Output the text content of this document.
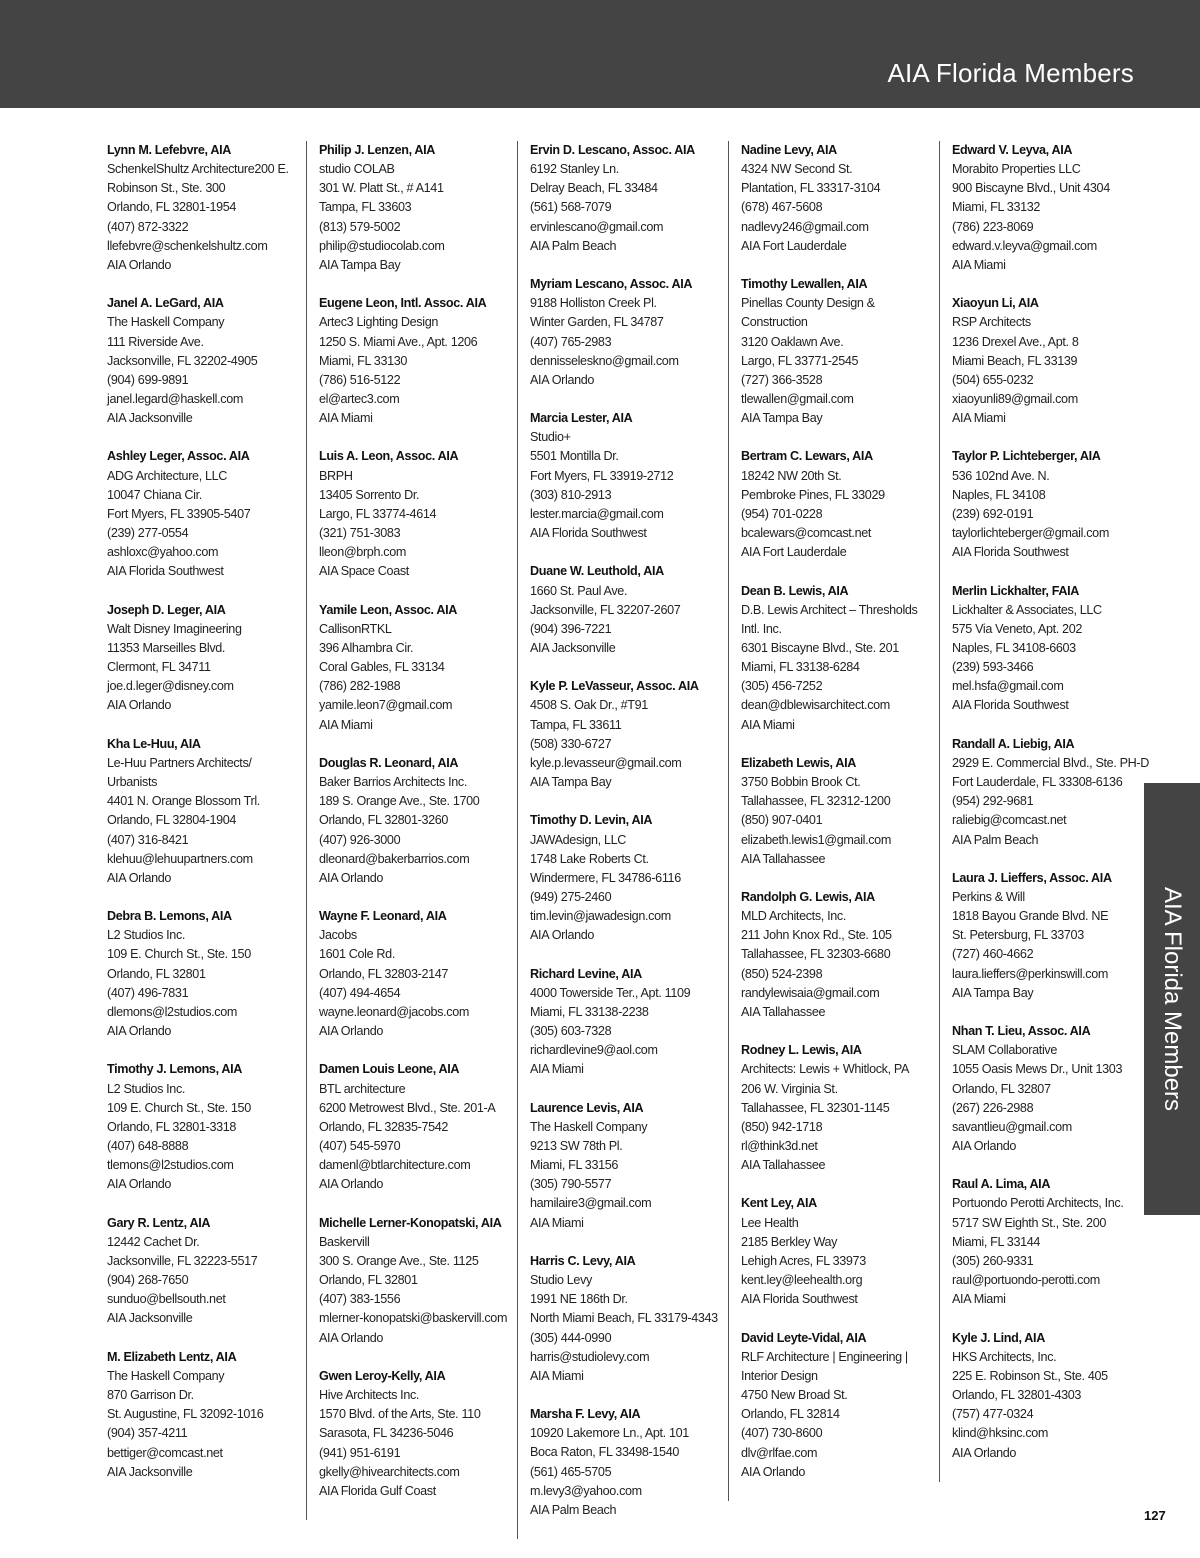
AIA Florida Members
AIA Florida Members
Lynn M. Lefebvre, AIA
SchenkelShultz Architecture200 E.
Robinson St., Ste. 300
Orlando, FL 32801-1954
(407) 872-3322
llefebvre@schenkelshultz.com
AIA Orlando
Janel A. LeGard, AIA
The Haskell Company
111 Riverside Ave.
Jacksonville, FL 32202-4905
(904) 699-9891
janel.legard@haskell.com
AIA Jacksonville
Ashley Leger, Assoc. AIA
ADG Architecture, LLC
10047 Chiana Cir.
Fort Myers, FL 33905-5407
(239) 277-0554
ashloxc@yahoo.com
AIA Florida Southwest
Joseph D. Leger, AIA
Walt Disney Imagineering
11353 Marseilles Blvd.
Clermont, FL 34711
joe.d.leger@disney.com
AIA Orlando
Kha Le-Huu, AIA
Le-Huu Partners Architects/
Urbanists
4401 N. Orange Blossom Trl.
Orlando, FL 32804-1904
(407) 316-8421
klehuu@lehuupartners.com
AIA Orlando
Debra B. Lemons, AIA
L2 Studios Inc.
109 E. Church St., Ste. 150
Orlando, FL 32801
(407) 496-7831
dlemons@l2studios.com
AIA Orlando
Timothy J. Lemons, AIA
L2 Studios Inc.
109 E. Church St., Ste. 150
Orlando, FL 32801-3318
(407) 648-8888
tlemons@l2studios.com
AIA Orlando
Gary R. Lentz, AIA
12442 Cachet Dr.
Jacksonville, FL 32223-5517
(904) 268-7650
sunduo@bellsouth.net
AIA Jacksonville
M. Elizabeth Lentz, AIA
The Haskell Company
870 Garrison Dr.
St. Augustine, FL 32092-1016
(904) 357-4211
bettiger@comcast.net
AIA Jacksonville
Philip J. Lenzen, AIA
studio COLAB
301 W. Platt St., # A141
Tampa, FL 33603
(813) 579-5002
philip@studiocolab.com
AIA Tampa Bay
Eugene Leon, Intl. Assoc. AIA
Artec3 Lighting Design
1250 S. Miami Ave., Apt. 1206
Miami, FL 33130
(786) 516-5122
el@artec3.com
AIA Miami
Luis A. Leon, Assoc. AIA
BRPH
13405 Sorrento Dr.
Largo, FL 33774-4614
(321) 751-3083
lleon@brph.com
AIA Space Coast
Yamile Leon, Assoc. AIA
CallisonRTKL
396 Alhambra Cir.
Coral Gables, FL 33134
(786) 282-1988
yamile.leon7@gmail.com
AIA Miami
Douglas R. Leonard, AIA
Baker Barrios Architects Inc.
189 S. Orange Ave., Ste. 1700
Orlando, FL 32801-3260
(407) 926-3000
dleonard@bakerbarrios.com
AIA Orlando
Wayne F. Leonard, AIA
Jacobs
1601 Cole Rd.
Orlando, FL 32803-2147
(407) 494-4654
wayne.leonard@jacobs.com
AIA Orlando
Damen Louis Leone, AIA
BTL architecture
6200 Metrowest Blvd., Ste. 201-A
Orlando, FL 32835-7542
(407) 545-5970
damenl@btlarchitecture.com
AIA Orlando
Michelle Lerner-Konopatski, AIA
Baskervill
300 S. Orange Ave., Ste. 1125
Orlando, FL 32801
(407) 383-1556
mlerner-konopatski@baskervill.com
AIA Orlando
Gwen Leroy-Kelly, AIA
Hive Architects Inc.
1570 Blvd. of the Arts, Ste. 110
Sarasota, FL 34236-5046
(941) 951-6191
gkelly@hivearchitects.com
AIA Florida Gulf Coast
Ervin D. Lescano, Assoc. AIA
6192 Stanley Ln.
Delray Beach, FL 33484
(561) 568-7079
ervinlescano@gmail.com
AIA Palm Beach
Myriam Lescano, Assoc. AIA
9188 Holliston Creek Pl.
Winter Garden, FL 34787
(407) 765-2983
dennisseleskno@gmail.com
AIA Orlando
Marcia Lester, AIA
Studio+
5501 Montilla Dr.
Fort Myers, FL 33919-2712
(303) 810-2913
lester.marcia@gmail.com
AIA Florida Southwest
Duane W. Leuthold, AIA
1660 St. Paul Ave.
Jacksonville, FL 32207-2607
(904) 396-7221
AIA Jacksonville
Kyle P. LeVasseur, Assoc. AIA
4508 S. Oak Dr., #T91
Tampa, FL 33611
(508) 330-6727
kyle.p.levasseur@gmail.com
AIA Tampa Bay
Timothy D. Levin, AIA
JAWAdesign, LLC
1748 Lake Roberts Ct.
Windermere, FL 34786-6116
(949) 275-2460
tim.levin@jawadesign.com
AIA Orlando
Richard Levine, AIA
4000 Towerside Ter., Apt. 1109
Miami, FL 33138-2238
(305) 603-7328
richardlevine9@aol.com
AIA Miami
Laurence Levis, AIA
The Haskell Company
9213 SW 78th Pl.
Miami, FL 33156
(305) 790-5577
hamilaire3@gmail.com
AIA Miami
Harris C. Levy, AIA
Studio Levy
1991 NE 186th Dr.
North Miami Beach, FL 33179-4343
(305) 444-0990
harris@studiolevy.com
AIA Miami
Marsha F. Levy, AIA
10920 Lakemore Ln., Apt. 101
Boca Raton, FL 33498-1540
(561) 465-5705
m.levy3@yahoo.com
AIA Palm Beach
Nadine Levy, AIA
4324 NW Second St.
Plantation, FL 33317-3104
(678) 467-5608
nadlevy246@gmail.com
AIA Fort Lauderdale
Timothy Lewallen, AIA
Pinellas County Design &
Construction
3120 Oaklawn Ave.
Largo, FL 33771-2545
(727) 366-3528
tlewallen@gmail.com
AIA Tampa Bay
Bertram C. Lewars, AIA
18242 NW 20th St.
Pembroke Pines, FL 33029
(954) 701-0228
bcalewars@comcast.net
AIA Fort Lauderdale
Dean B. Lewis, AIA
D.B. Lewis Architect – Thresholds
Intl. Inc.
6301 Biscayne Blvd., Ste. 201
Miami, FL 33138-6284
(305) 456-7252
dean@dblewisarchitect.com
AIA Miami
Elizabeth Lewis, AIA
3750 Bobbin Brook Ct.
Tallahassee, FL 32312-1200
(850) 907-0401
elizabeth.lewis1@gmail.com
AIA Tallahassee
Randolph G. Lewis, AIA
MLD Architects, Inc.
211 John Knox Rd., Ste. 105
Tallahassee, FL 32303-6680
(850) 524-2398
randylewisaia@gmail.com
AIA Tallahassee
Rodney L. Lewis, AIA
Architects: Lewis + Whitlock, PA
206 W. Virginia St.
Tallahassee, FL 32301-1145
(850) 942-1718
rl@think3d.net
AIA Tallahassee
Kent Ley, AIA
Lee Health
2185 Berkley Way
Lehigh Acres, FL 33973
kent.ley@leehealth.org
AIA Florida Southwest
David Leyte-Vidal, AIA
RLF Architecture | Engineering |
Interior Design
4750 New Broad St.
Orlando, FL 32814
(407) 730-8600
dlv@rlfae.com
AIA Orlando
Edward V. Leyva, AIA
Morabito Properties LLC
900 Biscayne Blvd., Unit 4304
Miami, FL 33132
(786) 223-8069
edward.v.leyva@gmail.com
AIA Miami
Xiaoyun Li, AIA
RSP Architects
1236 Drexel Ave., Apt. 8
Miami Beach, FL 33139
(504) 655-0232
xiaoyunli89@gmail.com
AIA Miami
Taylor P. Lichteberger, AIA
536 102nd Ave. N.
Naples, FL 34108
(239) 692-0191
taylorlichteberger@gmail.com
AIA Florida Southwest
Merlin Lickhalter, FAIA
Lickhalter & Associates, LLC
575 Via Veneto, Apt. 202
Naples, FL 34108-6603
(239) 593-3466
mel.hsfa@gmail.com
AIA Florida Southwest
Randall A. Liebig, AIA
2929 E. Commercial Blvd., Ste. PH-D
Fort Lauderdale, FL 33308-6136
(954) 292-9681
raliebig@comcast.net
AIA Palm Beach
Laura J. Lieffers, Assoc. AIA
Perkins & Will
1818 Bayou Grande Blvd. NE
St. Petersburg, FL 33703
(727) 460-4662
laura.lieffers@perkinswill.com
AIA Tampa Bay
Nhan T. Lieu, Assoc. AIA
SLAM Collaborative
1055 Oasis Mews Dr., Unit 1303
Orlando, FL 32807
(267) 226-2988
savantlieu@gmail.com
AIA Orlando
Raul A. Lima, AIA
Portuondo Perotti Architects, Inc.
5717 SW Eighth St., Ste. 200
Miami, FL 33144
(305) 260-9331
raul@portuondo-perotti.com
AIA Miami
Kyle J. Lind, AIA
HKS Architects, Inc.
225 E. Robinson St., Ste. 405
Orlando, FL 32801-4303
(757) 477-0324
klind@hksinc.com
AIA Orlando
127
